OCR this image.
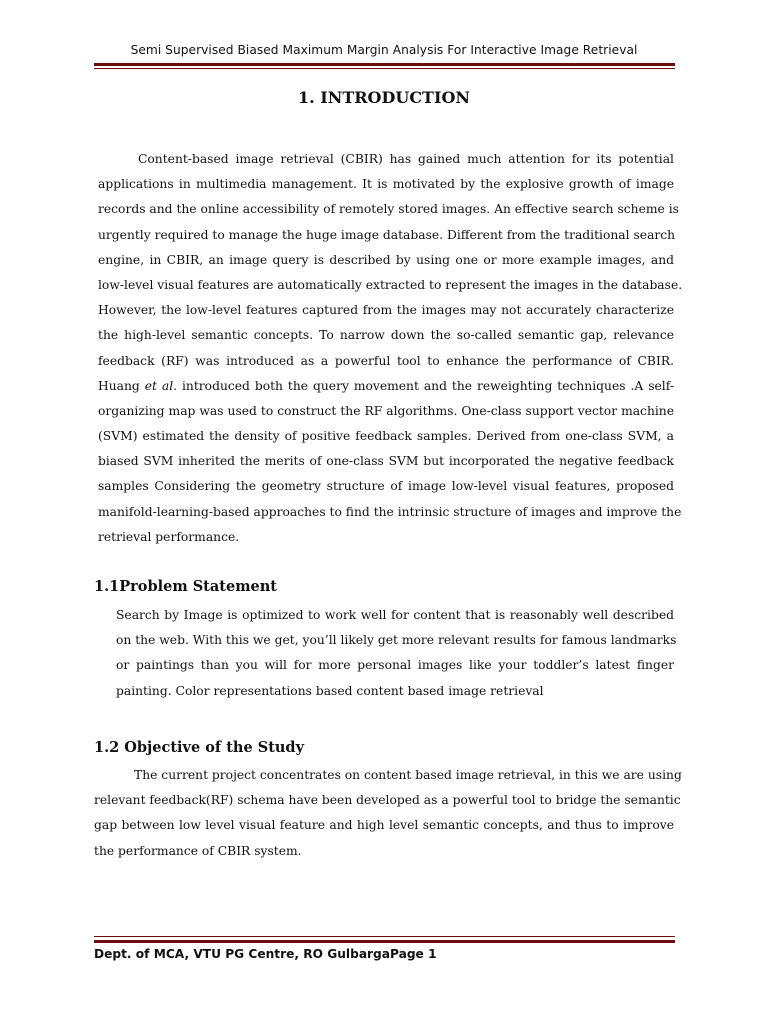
Semi Supervised Biased Maximum Margin Analysis For Interactive Image Retrieval
1. INTRODUCTION
Content-based image retrieval (CBIR) has gained much attention for its potential
applications in multimedia management. It is motivated by the explosive growth of image
records and the online accessibility of remotely stored images. An effective search scheme is
urgently required to manage the huge image database. Different from the traditional search
engine, in CBIR, an image query is described by using one or more example images, and
low-level visual features are automatically extracted to represent the images in the database.
However, the low-level features captured from the images may not accurately characterize
the high-level semantic concepts. To narrow down the so-called semantic gap, relevance
feedback (RF) was introduced as a powerful tool to enhance the performance of CBIR.
Huang et al. introduced both the query movement and the reweighting techniques .A self-
organizing map was used to construct the RF algorithms. One-class support vector machine
(SVM) estimated the density of positive feedback samples. Derived from one-class SVM, a
biased SVM inherited the merits of one-class SVM but incorporated the negative feedback
samples Considering the geometry structure of image low-level visual features, proposed
manifold-learning-based approaches to find the intrinsic structure of images and improve the
retrieval performance.
1.1Problem Statement
Search by Image is optimized to work well for content that is reasonably well described
on the web. With this we get, you’ll likely get more relevant results for famous landmarks
or paintings than you will for more personal images like your toddler’s latest finger
painting. Color representations based content based image retrieval
1.2 Objective of the Study
The current project concentrates on content based image retrieval, in this we are using
relevant feedback(RF) schema have been developed as a powerful tool to bridge the semantic
gap between low level visual feature and high level semantic concepts, and thus to improve
the performance of CBIR system.
Dept. of MCA, VTU PG Centre, RO GulbargaPage 1
